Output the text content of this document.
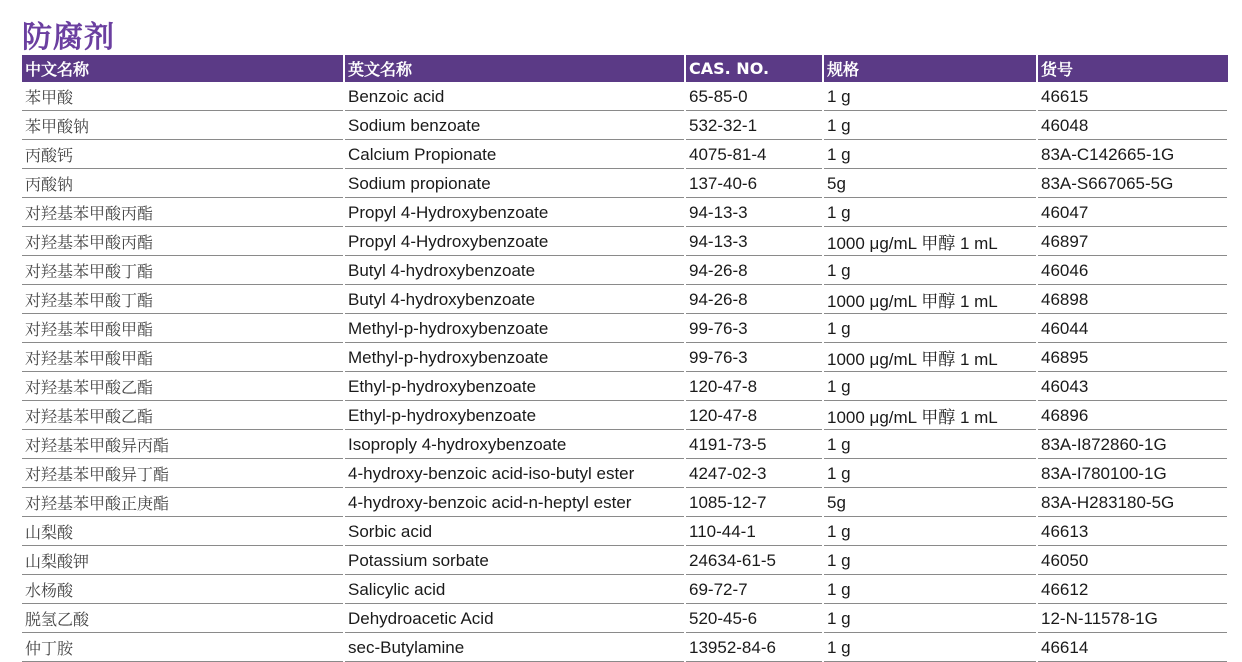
防腐剂
中文名称	英文名称	CAS. NO.	规格	货号
苯甲酸	Benzoic acid	65-85-0	1 g	46615
苯甲酸钠	Sodium benzoate	532-32-1	1 g	46048
丙酸钙	Calcium Propionate	4075-81-4	1 g	83A-C142665-1G
丙酸钠	Sodium propionate	137-40-6	5g	83A-S667065-5G
对羟基苯甲酸丙酯	Propyl 4-Hydroxybenzoate	94-13-3	1 g	46047
对羟基苯甲酸丙酯	Propyl 4-Hydroxybenzoate	94-13-3	1000 μg/mL 甲醇 1 mL	46897
对羟基苯甲酸丁酯	Butyl 4-hydroxybenzoate	94-26-8	1 g	46046
对羟基苯甲酸丁酯	Butyl 4-hydroxybenzoate	94-26-8	1000 μg/mL 甲醇 1 mL	46898
对羟基苯甲酸甲酯	Methyl-p-hydroxybenzoate	99-76-3	1 g	46044
对羟基苯甲酸甲酯	Methyl-p-hydroxybenzoate	99-76-3	1000 μg/mL 甲醇 1 mL	46895
对羟基苯甲酸乙酯	Ethyl-p-hydroxybenzoate	120-47-8	1 g	46043
对羟基苯甲酸乙酯	Ethyl-p-hydroxybenzoate	120-47-8	1000 μg/mL 甲醇 1 mL	46896
对羟基苯甲酸异丙酯	Isoproply 4-hydroxybenzoate	4191-73-5	1 g	83A-I872860-1G
对羟基苯甲酸异丁酯	4-hydroxy-benzoic acid-iso-butyl ester	4247-02-3	1 g	83A-I780100-1G
对羟基苯甲酸正庚酯	4-hydroxy-benzoic acid-n-heptyl ester	1085-12-7	5g	83A-H283180-5G
山梨酸	Sorbic acid	110-44-1	1 g	46613
山梨酸钾	Potassium sorbate	24634-61-5	1 g	46050
水杨酸	Salicylic acid	69-72-7	1 g	46612
脱氢乙酸	Dehydroacetic Acid	520-45-6	1 g	12-N-11578-1G
仲丁胺	sec-Butylamine	13952-84-6	1 g	46614
